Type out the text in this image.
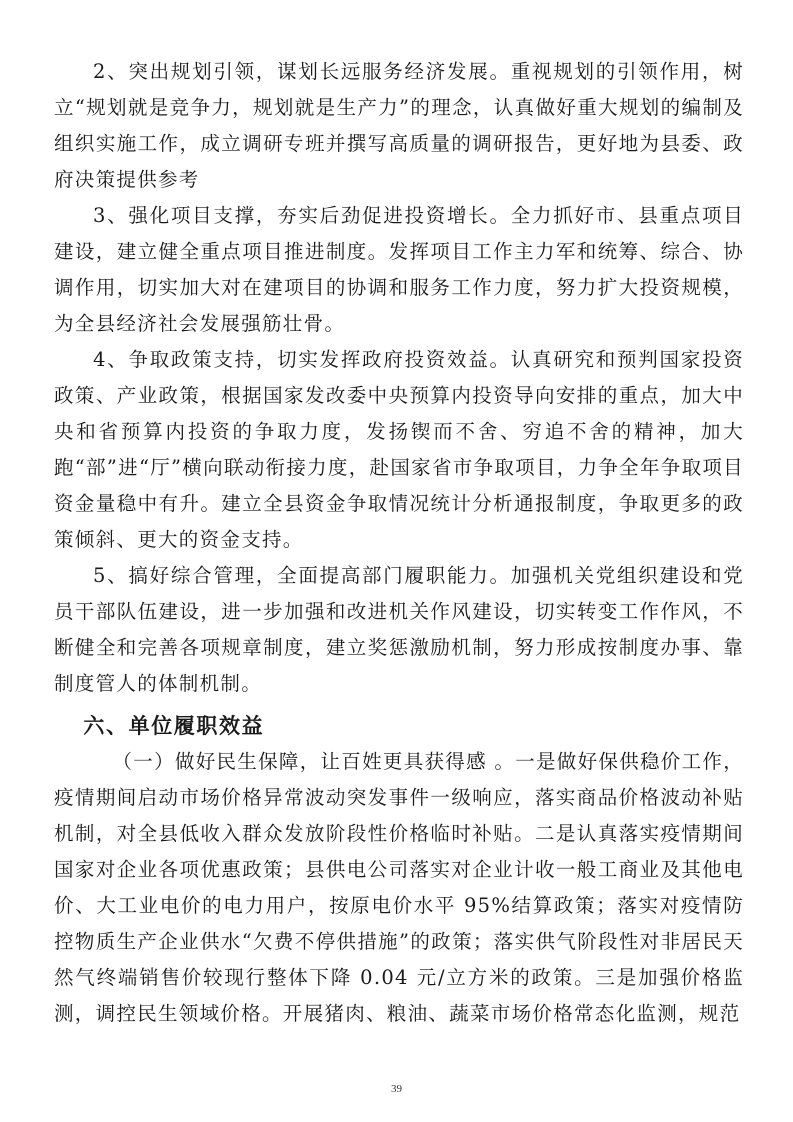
2、突出规划引领，谋划长远服务经济发展。重视规划的引领作用，树立“规划就是竞争力，规划就是生产力”的理念，认真做好重大规划的编制及组织实施工作，成立调研专班并撰写高质量的调研报告，更好地为县委、政府决策提供参考

3、强化项目支撑，夯实后劲促进投资增长。全力抓好市、县重点项目建设，建立健全重点项目推进制度。发挥项目工作主力军和统筹、综合、协调作用，切实加大对在建项目的协调和服务工作力度，努力扩大投资规模，为全县经济社会发展强筋壮骨。

4、争取政策支持，切实发挥政府投资效益。认真研究和预判国家投资政策、产业政策，根据国家发改委中央预算内投资导向安排的重点，加大中央和省预算内投资的争取力度，发扬锲而不舍、穷追不舍的精神，加大跑“部”进“厅”横向联动衔接力度，赴国家省市争取项目，力争全年争取项目资金量稳中有升。建立全县资金争取情况统计分析通报制度，争取更多的政策倾斜、更大的资金支持。

5、搞好综合管理，全面提高部门履职能力。加强机关党组织建设和党员干部队伍建设，进一步加强和改进机关作风建设，切实转变工作作风，不断健全和完善各项规章制度，建立奖惩激励机制，努力形成按制度办事、靠制度管人的体制机制。

六、单位履职效益

（一）做好民生保障，让百姓更具获得感 。一是做好保供稳价工作，疫情期间启动市场价格异常波动突发事件一级响应，落实商品价格波动补贴机制，对全县低收入群众发放阶段性价格临时补贴。二是认真落实疫情期间国家对企业各项优惠政策；县供电公司落实对企业计收一般工商业及其他电价、大工业电价的电力用户，按原电价水平 95%结算政策；落实对疫情防控物质生产企业供水“欠费不停供措施”的政策；落实供气阶段性对非居民天然气终端销售价较现行整体下降 0.04 元/立方米的政策。三是加强价格监测，调控民生领域价格。开展猪肉、粮油、蔬菜市场价格常态化监测，规范

39
